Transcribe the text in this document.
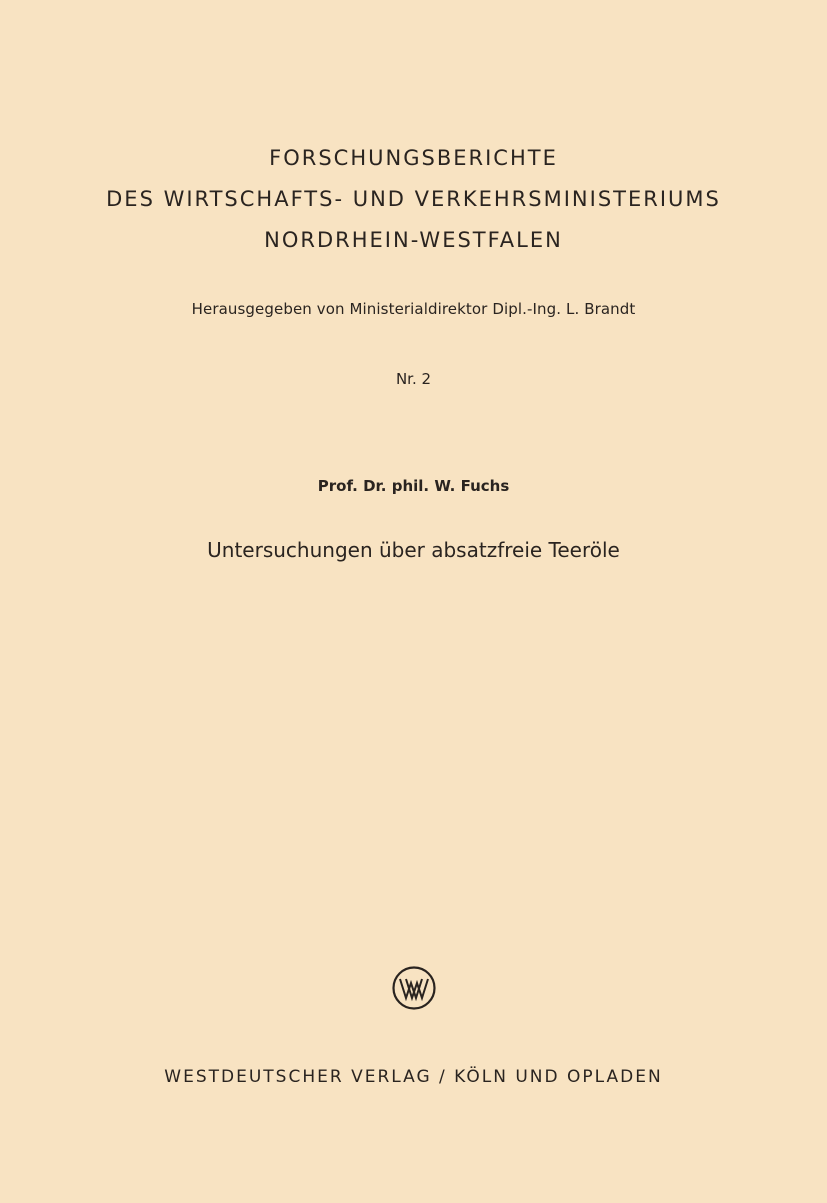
FORSCHUNGSBERICHTE
DES WIRTSCHAFTS- UND VERKEHRSMINISTERIUMS
NORDRHEIN-WESTFALEN
Herausgegeben von Ministerialdirektor Dipl.-Ing. L. Brandt
Nr. 2
Prof. Dr. phil. W. Fuchs
Untersuchungen über absatzfreie Teeröle
WESTDEUTSCHER VERLAG / KÖLN UND OPLADEN
